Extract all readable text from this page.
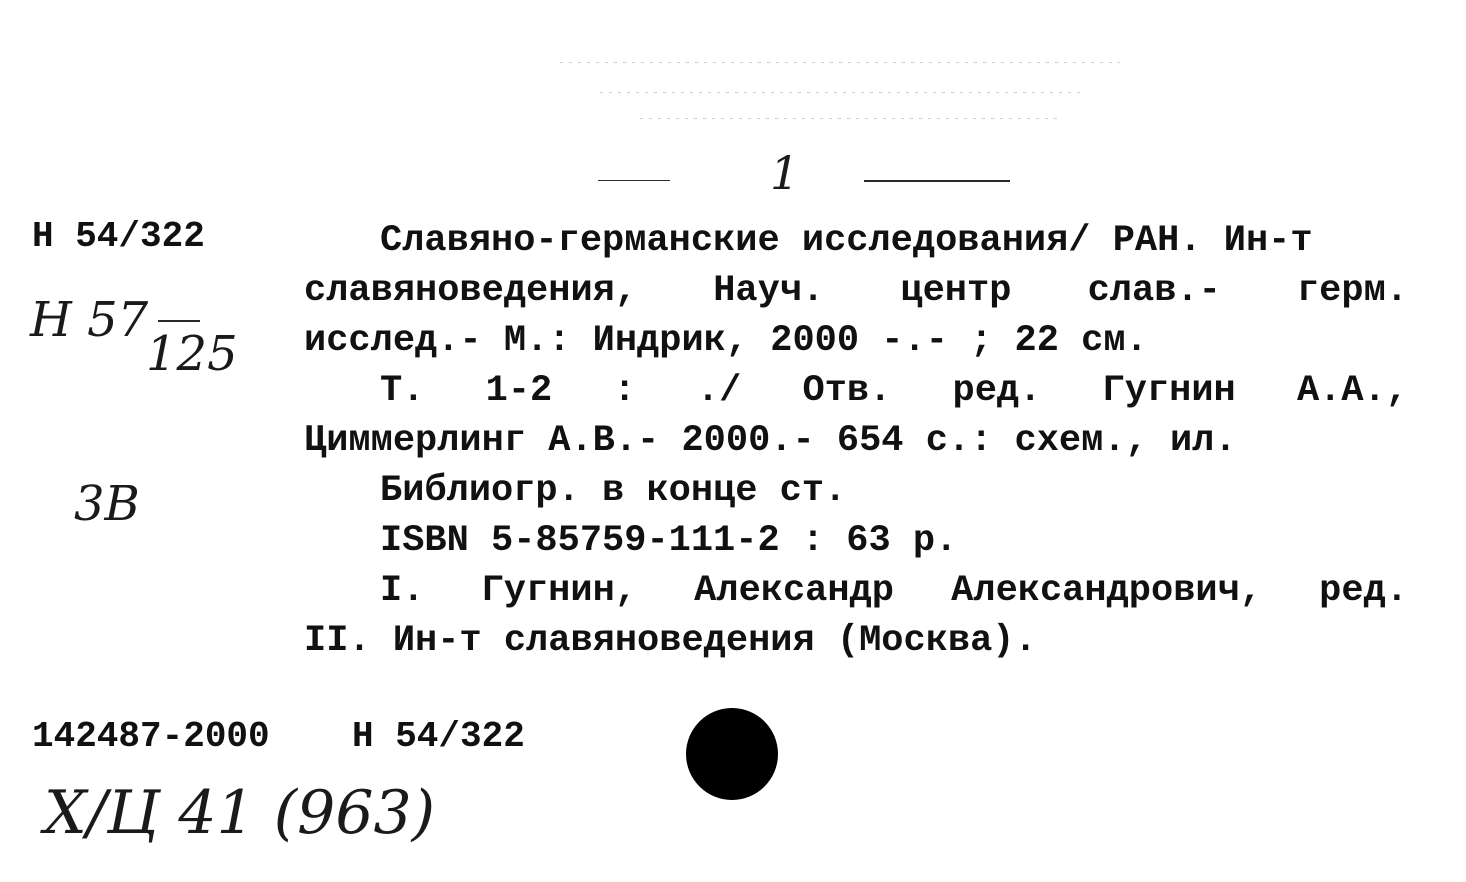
1
Н 54/322
Н 57
125
3В
Славяно-германские исследования/ РАН. Ин-т
славяноведения, Науч. центр слав.- герм.
исслед.- М.: Индрик, 2000 -.- ; 22 см.
Т. 1-2 : ./ Отв. ред. Гугнин А.А.,
Циммерлинг А.В.- 2000.- 654 с.: схем., ил.
Библиогр. в конце ст.
ISBN 5-85759-111-2 : 63 р.
I. Гугнин, Александр Александрович, ред.
II. Ин-т славяноведения (Москва).
142487-2000 Н 54/322
Х/Ц 41 (963)
